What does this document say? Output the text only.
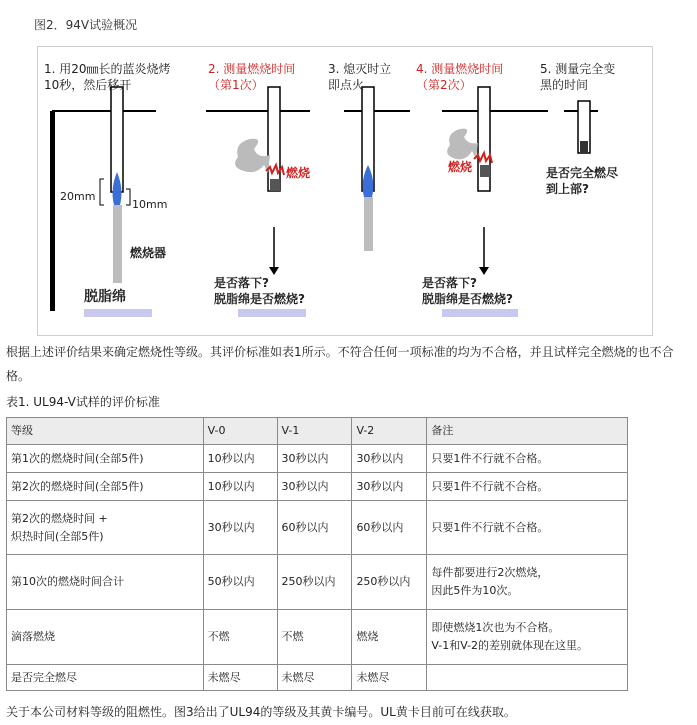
图2．94V试验概况
1. 用20㎜长的蓝炎烧烤
10秒，然后移开
2. 测量燃烧时间
（第1次）
3. 熄灭时立
即点火
4. 测量燃烧时间
（第2次）
5. 测量完全变
黑的时间
20mm
10mm
燃烧器
脱脂绵
燃烧	燃烧
是否落下?
脱脂绵是否燃烧?
是否落下?
脱脂绵是否燃烧?
是否完全燃尽
到上部?
根据上述评价结果来确定燃烧性等级。其评价标准如表1所示。不符合任何一项标准的均为不合格，并且试样完全燃烧的也不合格。
表1. UL94-V试样的评价标准
等级	V-0	V-1	V-2	备注
第1次的燃烧时间(全部5件)	10秒以内	30秒以内	30秒以内	只要1件不行就不合格。
第2次的燃烧时间(全部5件)	10秒以内	30秒以内	30秒以内	只要1件不行就不合格。
第2次的燃烧时间 +
炽热时间(全部5件)	30秒以内	60秒以内	60秒以内	只要1件不行就不合格。
第10次的燃烧时间合计	50秒以内	250秒以内	250秒以内	每件都要进行2次燃烧，
因此5件为10次。
滴落燃烧	不燃	不燃	燃烧	即使燃烧1次也为不合格。
V-1和V-2的差别就体现在这里。
是否完全燃尽	未燃尽	未燃尽	未燃尽	
关于本公司材料等级的阻燃性。图3给出了UL94的等级及其黄卡编号。UL黄卡目前可在线获取。
